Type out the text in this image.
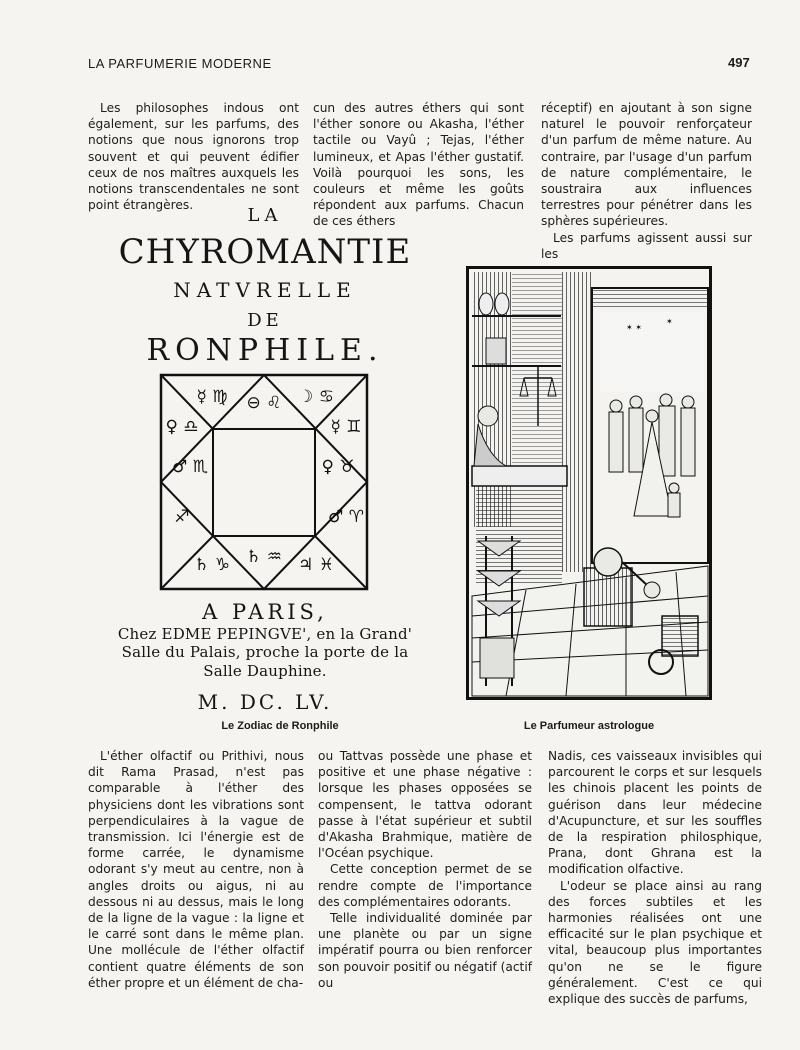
LA PARFUMERIE MODERNE	497

Les philosophes indous ont également, sur les parfums, des notions que nous ignorons trop souvent et qui peuvent édifier ceux de nos maîtres auxquels les notions transcendentales ne sont point étrangères.

cun des autres éthers qui sont l'éther sonore ou Akasha, l'éther tactile ou Vayû ; Tejas, l'éther lumineux, et Apas l'éther gustatif. Voilà pourquoi les sons, les couleurs et même les goûts répondent aux parfums. Chacun de ces éthers

réceptif) en ajoutant à son signe naturel le pouvoir renforçateur d'un parfum de même nature. Au contraire, par l'usage d'un parfum de nature complémentaire, le soustraira aux influences terrestres pour pénétrer dans les sphères supérieures.

Les parfums agissent aussi sur les

LA
CHYROMANTIE
NATVRELLE
DE
RONPHILE.
☿ ♍ ⊖ ♌ ☽ ♋
☿ ♊
♀ ♎
♂ ♏	♀ ♉
♐	♂ ♈
♄ ♑ ♄ ♒ ♃ ♓
A PARIS,
Chez EDME PEPINGVE', en la Grand'
Salle du Palais, proche la porte de la
Salle Dauphine.
M. DC. LV.
✶ ✶
✶
Le Zodiac de Ronphile	Le Parfumeur astrologue

L'éther olfactif ou Prithivi, nous dit Rama Prasad, n'est pas comparable à l'éther des physiciens dont les vibrations sont perpendiculaires à la vague de transmission. Ici l'énergie est de forme carrée, le dynamisme odorant s'y meut au centre, non à angles droits ou aigus, ni au dessous ni au dessus, mais le long de la ligne de la vague : la ligne et le carré sont dans le même plan. Une mollécule de l'éther olfactif contient quatre éléments de son éther propre et un élément de cha-

ou Tattvas possède une phase et positive et une phase négative : lorsque les phases opposées se compensent, le tattva odorant passe à l'état supérieur et subtil d'Akasha Brahmique, matière de l'Océan psychique.

Cette conception permet de se rendre compte de l'importance des complémentaires odorants.

Telle individualité dominée par une planète ou par un signe impératif pourra ou bien renforcer son pouvoir positif ou négatif (actif ou

Nadis, ces vaisseaux invisibles qui parcourent le corps et sur lesquels les chinois placent les points de guérison dans leur médecine d'Acupuncture, et sur les souffles de la respiration philosphique, Prana, dont Ghrana est la modification olfactive.

L'odeur se place ainsi au rang des forces subtiles et les harmonies réalisées ont une efficacité sur le plan psychique et vital, beaucoup plus importantes qu'on ne se le figure généralement. C'est ce qui explique des succès de parfums,
